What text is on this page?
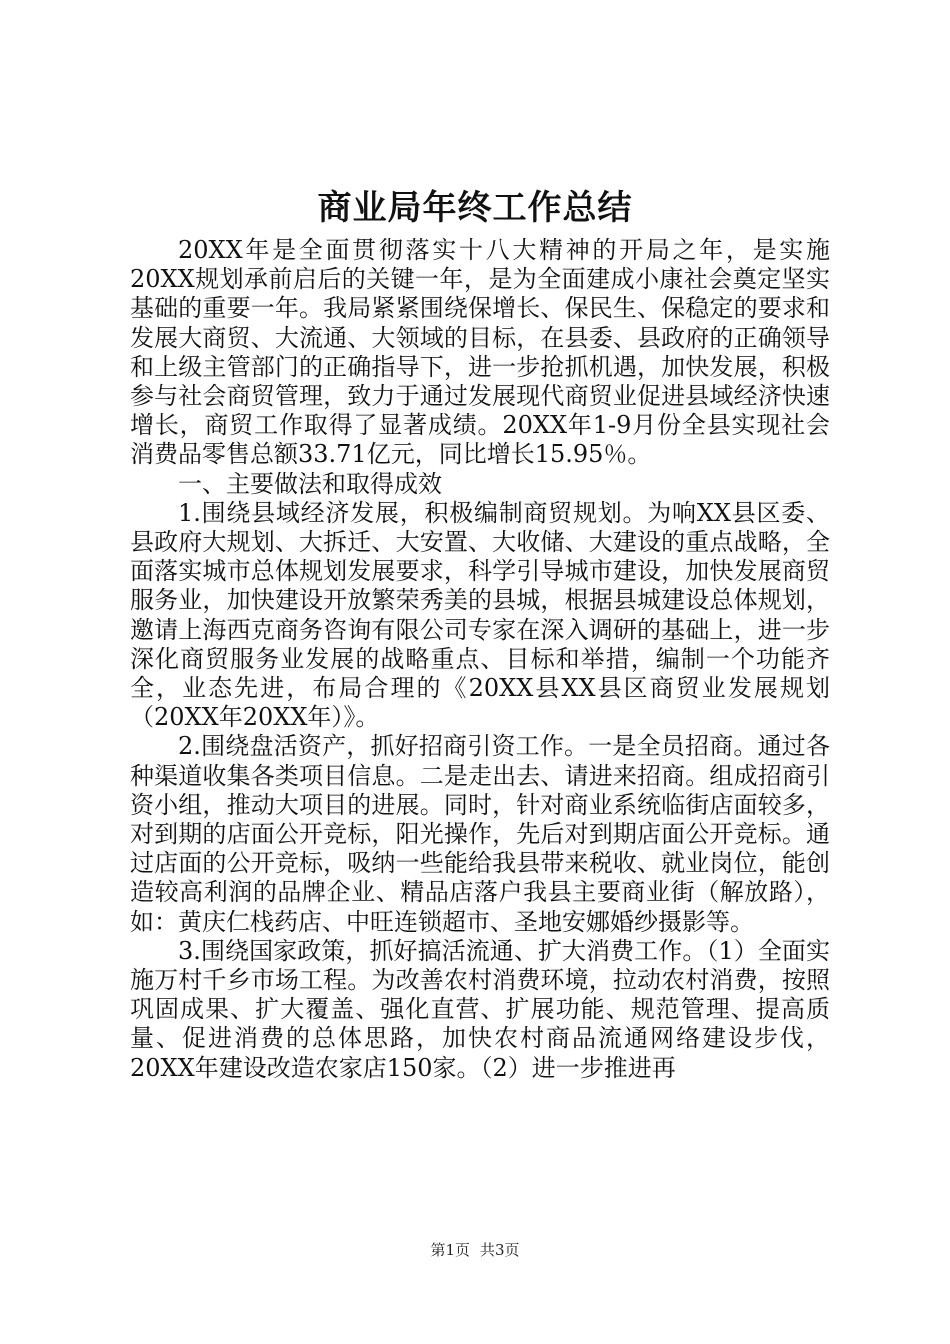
商业局年终工作总结

20XX年是全面贯彻落实十八大精神的开局之年，是实施20XX规划承前启后的关键一年，是为全面建成小康社会奠定坚实基础的重要一年。我局紧紧围绕保增长、保民生、保稳定的要求和发展大商贸、大流通、大领域的目标，在县委、县政府的正确领导和上级主管部门的正确指导下，进一步抢抓机遇，加快发展，积极参与社会商贸管理，致力于通过发展现代商贸业促进县域经济快速增长，商贸工作取得了显著成绩。20XX年1-9月份全县实现社会消费品零售总额33.71亿元，同比增长15.95％。

一、主要做法和取得成效

1.围绕县域经济发展，积极编制商贸规划。为响XX县区委、县政府大规划、大拆迁、大安置、大收储、大建设的重点战略，全面落实城市总体规划发展要求，科学引导城市建设，加快发展商贸服务业，加快建设开放繁荣秀美的县城，根据县城建设总体规划，邀请上海西克商务咨询有限公司专家在深入调研的基础上，进一步深化商贸服务业发展的战略重点、目标和举措，编制一个功能齐全，业态先进，布局合理的《20XX县XX县区商贸业发展规划（20XX年20XX年）》。

2.围绕盘活资产，抓好招商引资工作。一是全员招商。通过各种渠道收集各类项目信息。二是走出去、请进来招商。组成招商引资小组，推动大项目的进展。同时，针对商业系统临街店面较多，对到期的店面公开竞标，阳光操作，先后对到期店面公开竞标。通过店面的公开竞标，吸纳一些能给我县带来税收、就业岗位，能创造较高利润的品牌企业、精品店落户我县主要商业街（解放路），如：黄庆仁栈药店、中旺连锁超市、圣地安娜婚纱摄影等。

3.围绕国家政策，抓好搞活流通、扩大消费工作。（1）全面实施万村千乡市场工程。为改善农村消费环境，拉动农村消费，按照巩固成果、扩大覆盖、强化直营、扩展功能、规范管理、提高质量、促进消费的总体思路，加快农村商品流通网络建设步伐，20XX年建设改造农家店150家。（2）进一步推进再

第1页 共3页
